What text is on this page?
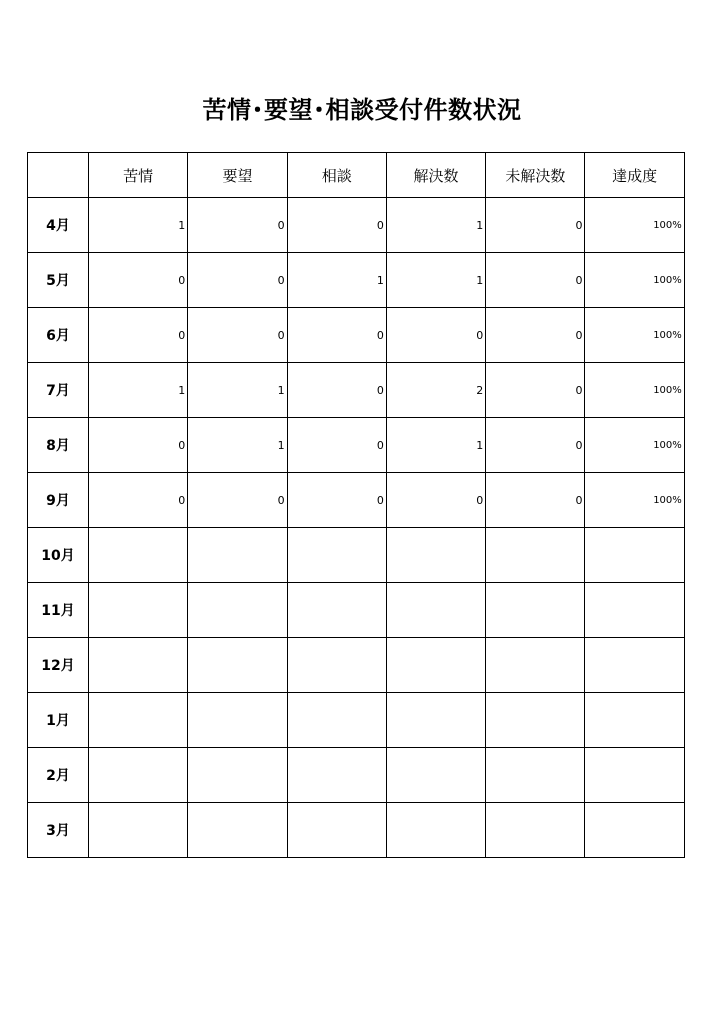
苦情･要望･相談受付件数状況
	苦情	要望	相談	解決数	未解決数	達成度
4月	1	0	0	1	0	100%
5月	0	0	1	1	0	100%
6月	0	0	0	0	0	100%
7月	1	1	0	2	0	100%
8月	0	1	0	1	0	100%
9月	0	0	0	0	0	100%
10月						
11月						
12月						
1月						
2月						
3月						
